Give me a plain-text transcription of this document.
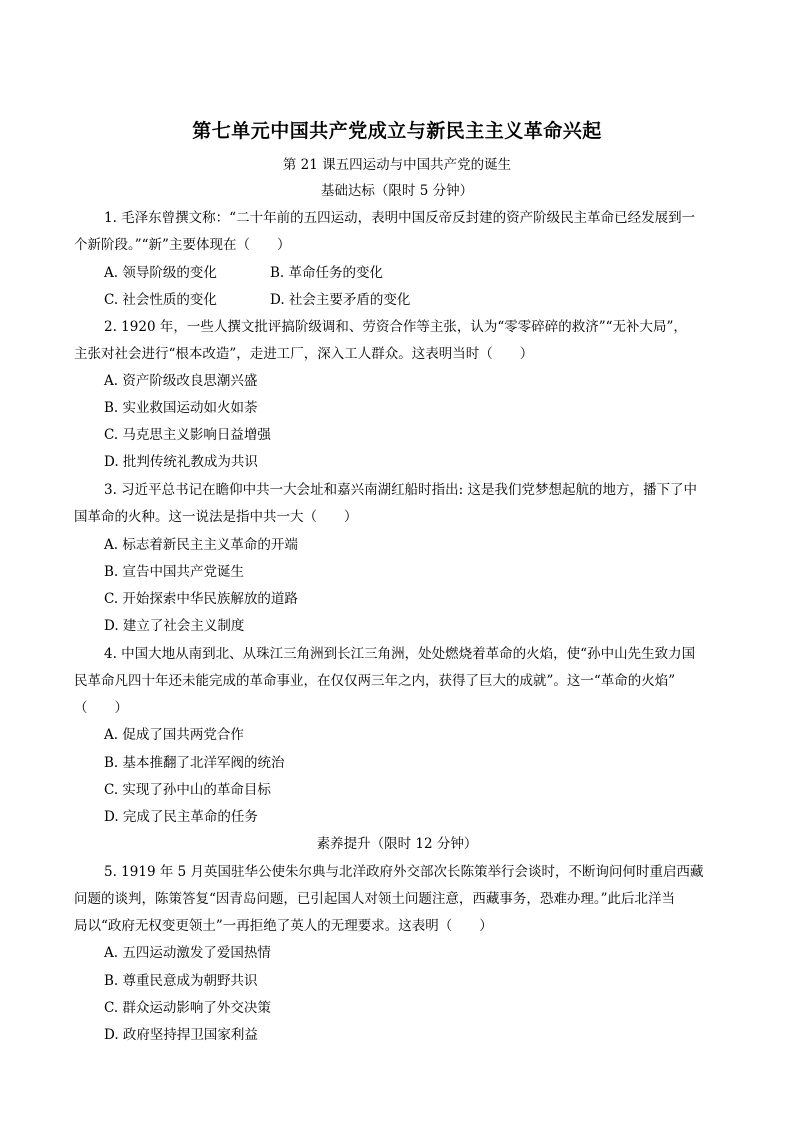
第七单元中国共产党成立与新民主主义革命兴起
第 21 课五四运动与中国共产党的诞生
基础达标（限时 5 分钟）
1. 毛泽东曾撰文称：“二十年前的五四运动，表明中国反帝反封建的资产阶级民主革命已经发展到一
个新阶段。”“新”主要体现在（　　）
A. 领导阶级的变化	B. 革命任务的变化
C. 社会性质的变化	D. 社会主要矛盾的变化
2. 1920 年，一些人撰文批评搞阶级调和、劳资合作等主张，认为“零零碎碎的救济”“无补大局”，
主张对社会进行“根本改造”，走进工厂，深入工人群众。这表明当时（　　）
A. 资产阶级改良思潮兴盛
B. 实业救国运动如火如荼
C. 马克思主义影响日益增强
D. 批判传统礼教成为共识
3. 习近平总书记在瞻仰中共一大会址和嘉兴南湖红船时指出: 这是我们党梦想起航的地方，播下了中
国革命的火种。这一说法是指中共一大（　　）
A. 标志着新民主主义革命的开端
B. 宣告中国共产党诞生
C. 开始探索中华民族解放的道路
D. 建立了社会主义制度
4. 中国大地从南到北、从珠江三角洲到长江三角洲，处处燃烧着革命的火焰，使“孙中山先生致力国
民革命凡四十年还未能完成的革命事业，在仅仅两三年之内，获得了巨大的成就”。这一“革命的火焰”
（　　）
A. 促成了国共两党合作
B. 基本推翻了北洋军阀的统治
C. 实现了孙中山的革命目标
D. 完成了民主革命的任务
素养提升（限时 12 分钟）
5. 1919 年 5 月英国驻华公使朱尔典与北洋政府外交部次长陈策举行会谈时，不断询问何时重启西藏
问题的谈判，陈策答复“因青岛问题，已引起国人对领土问题注意，西藏事务，恐难办理。”此后北洋当
局以“政府无权变更领土”一再拒绝了英人的无理要求。这表明（　　）
A. 五四运动激发了爱国热情
B. 尊重民意成为朝野共识
C. 群众运动影响了外交决策
D. 政府坚持捍卫国家利益
